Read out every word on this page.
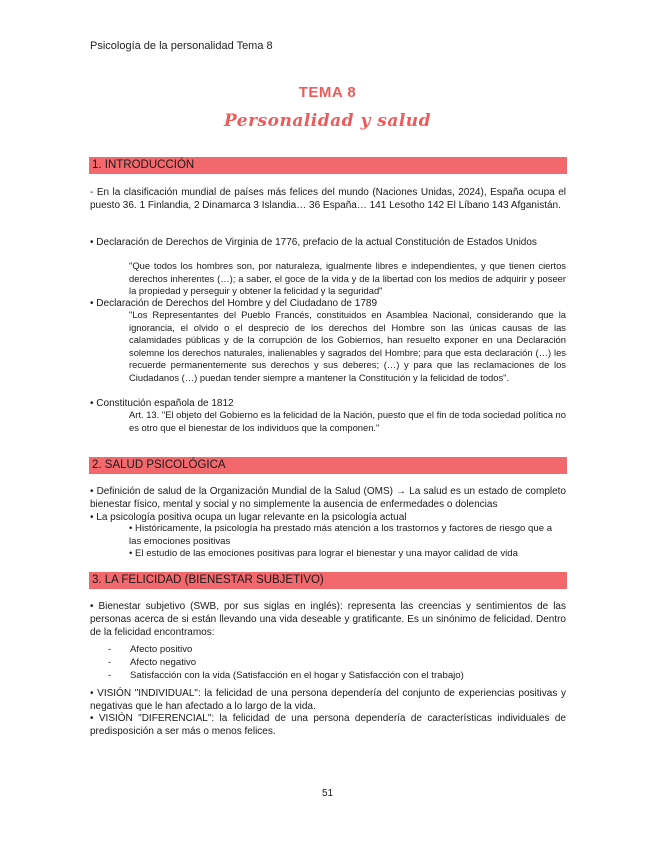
Psicología de la personalidad Tema 8
TEMA 8
Personalidad y salud
1. INTRODUCCIÓN
- En la clasificación mundial de países más felices del mundo (Naciones Unidas, 2024), España ocupa el puesto 36. 1 Finlandia, 2 Dinamarca 3 Islandia… 36 España… 141 Lesotho 142 El Líbano 143 Afganistán.
• Declaración de Derechos de Virginia de 1776, prefacio de la actual Constitución de Estados Unidos
"Que todos los hombres son, por naturaleza, igualmente libres e independientes, y que tienen ciertos derechos inherentes (…); a saber, el goce de la vida y de la libertad con los medios de adquirir y poseer la propiedad y perseguir y obtener la felicidad y la seguridad"
• Declaración de Derechos del Hombre y del Ciudadano de 1789
"Los Representantes del Pueblo Francés, constituidos en Asamblea Nacional, considerando que la ignorancia, el olvido o el desprecio de los derechos del Hombre son las únicas causas de las calamidades públicas y de la corrupción de los Gobiernos, han resuelto exponer en una Declaración solemne los derechos naturales, inalienables y sagrados del Hombre; para que esta declaración (…) les recuerde permanentemente sus derechos y sus deberes; (…) y para que las reclamaciones de los Ciudadanos (…) puedan tender siempre a mantener la Constitución y la felicidad de todos".
• Constitución española de 1812
Art. 13. "El objeto del Gobierno es la felicidad de la Nación, puesto que el fin de toda sociedad política no es otro que el bienestar de los individuos que la componen."
2. SALUD PSICOLÓGICA
• Definición de salud de la Organización Mundial de la Salud (OMS) → La salud es un estado de completo bienestar físico, mental y social y no simplemente la ausencia de enfermedades o dolencias
• La psicología positiva ocupa un lugar relevante en la psicología actual
• Históricamente, la psicología ha prestado más atención a los trastornos y factores de riesgo que a las emociones positivas
• El estudio de las emociones positivas para lograr el bienestar y una mayor calidad de vida
3. LA FELICIDAD (BIENESTAR SUBJETIVO)
• Bienestar subjetivo (SWB, por sus siglas en inglés): representa las creencias y sentimientos de las personas acerca de si están llevando una vida deseable y gratificante. Es un sinónimo de felicidad. Dentro de la felicidad encontramos:
- Afecto positivo
- Afecto negativo
- Satisfacción con la vida (Satisfacción en el hogar y Satisfacción con el trabajo)
• VISIÓN "INDIVIDUAL": la felicidad de una persona dependería del conjunto de experiencias positivas y negativas que le han afectado a lo largo de la vida.
• VISIÓN "DIFERENCIAL": la felicidad de una persona dependería de características individuales de predisposición a ser más o menos felices.
51
